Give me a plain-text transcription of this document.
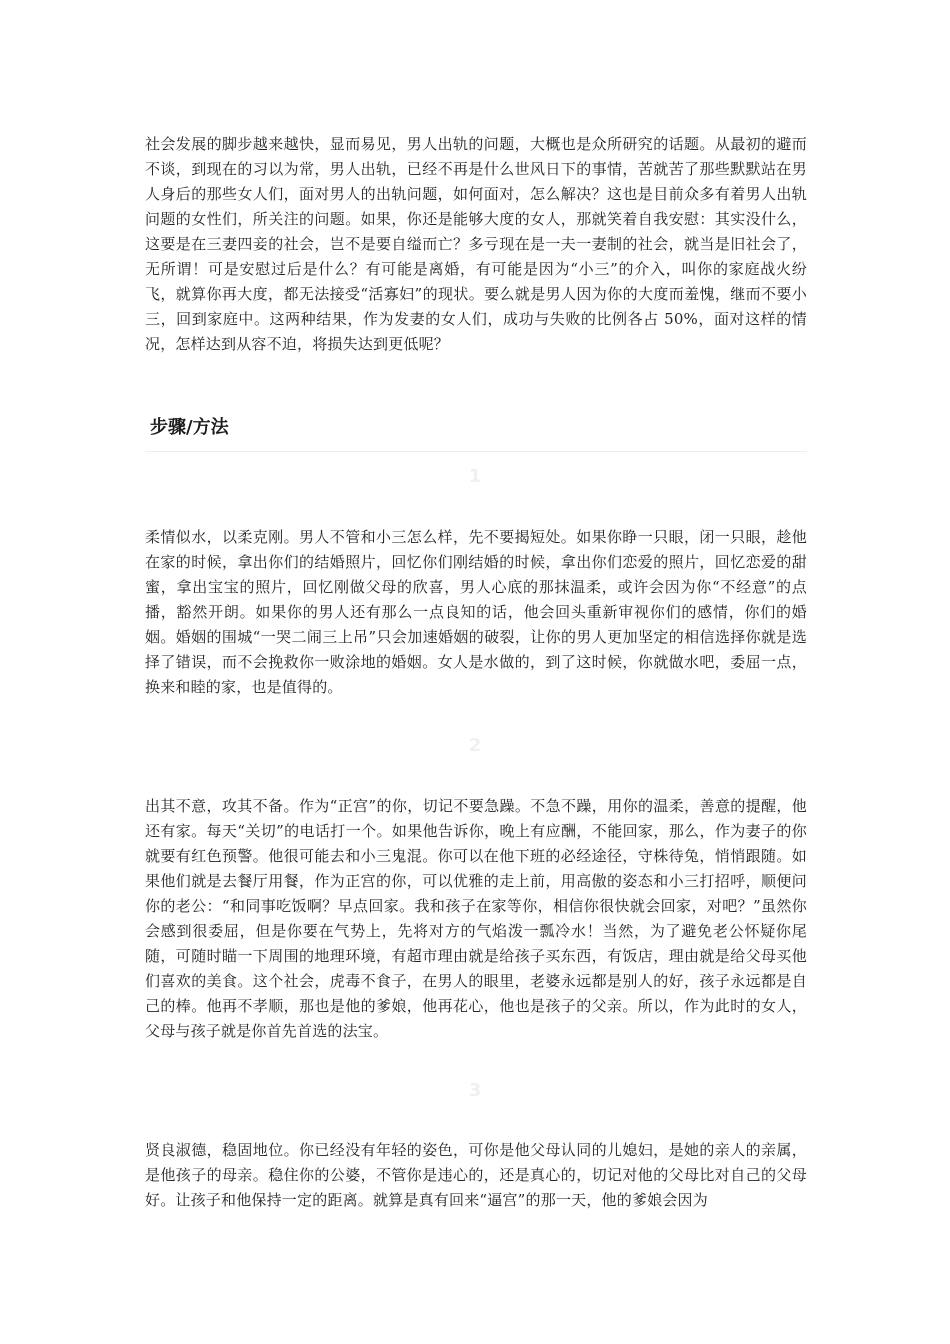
社会发展的脚步越来越快，显而易见，男人出轨的问题，大概也是众所研究的话题。从最初的避而不谈，到现在的习以为常，男人出轨，已经不再是什么世风日下的事情，苦就苦了那些默默站在男人身后的那些女人们，面对男人的出轨问题，如何面对，怎么解决？这也是目前众多有着男人出轨问题的女性们，所关注的问题。如果，你还是能够大度的女人，那就笑着自我安慰：其实没什么，这要是在三妻四妾的社会，岂不是要自缢而亡？多亏现在是一夫一妻制的社会，就当是旧社会了，无所谓！可是安慰过后是什么？有可能是离婚，有可能是因为“小三”的介入，叫你的家庭战火纷飞，就算你再大度，都无法接受“活寡妇”的现状。要么就是男人因为你的大度而羞愧，继而不要小三，回到家庭中。这两种结果，作为发妻的女人们，成功与失败的比例各占 50%，面对这样的情况，怎样达到从容不迫，将损失达到更低呢？

步骤/方法
1

柔情似水，以柔克刚。男人不管和小三怎么样，先不要揭短处。如果你睁一只眼，闭一只眼，趁他在家的时候，拿出你们的结婚照片，回忆你们刚结婚的时候，拿出你们恋爱的照片，回忆恋爱的甜蜜，拿出宝宝的照片，回忆刚做父母的欣喜，男人心底的那抹温柔，或许会因为你“不经意”的点播，豁然开朗。如果你的男人还有那么一点良知的话，他会回头重新审视你们的感情，你们的婚姻。婚姻的围城“一哭二闹三上吊”只会加速婚姻的破裂，让你的男人更加坚定的相信选择你就是选择了错误，而不会挽救你一败涂地的婚姻。女人是水做的，到了这时候，你就做水吧，委屈一点，换来和睦的家，也是值得的。

2

出其不意，攻其不备。作为“正宫”的你，切记不要急躁。不急不躁，用你的温柔，善意的提醒，他还有家。每天“关切”的电话打一个。如果他告诉你，晚上有应酬，不能回家，那么，作为妻子的你就要有红色预警。他很可能去和小三鬼混。你可以在他下班的必经途径，守株待兔，悄悄跟随。如果他们就是去餐厅用餐，作为正宫的你，可以优雅的走上前，用高傲的姿态和小三打招呼，顺便问你的老公：“和同事吃饭啊？早点回家。我和孩子在家等你，相信你很快就会回家，对吧？”虽然你会感到很委屈，但是你要在气势上，先将对方的气焰泼一瓢冷水！当然，为了避免老公怀疑你尾随，可随时瞄一下周围的地理环境，有超市理由就是给孩子买东西，有饭店，理由就是给父母买他们喜欢的美食。这个社会，虎毒不食子，在男人的眼里，老婆永远都是别人的好，孩子永远都是自己的棒。他再不孝顺，那也是他的爹娘，他再花心，他也是孩子的父亲。所以，作为此时的女人，父母与孩子就是你首先首选的法宝。

3

贤良淑德，稳固地位。你已经没有年轻的姿色，可你是他父母认同的儿媳妇，是她的亲人的亲属，是他孩子的母亲。稳住你的公婆，不管你是违心的，还是真心的，切记对他的父母比对自己的父母好。让孩子和他保持一定的距离。就算是真有回来“逼宫”的那一天，他的爹娘会因为
